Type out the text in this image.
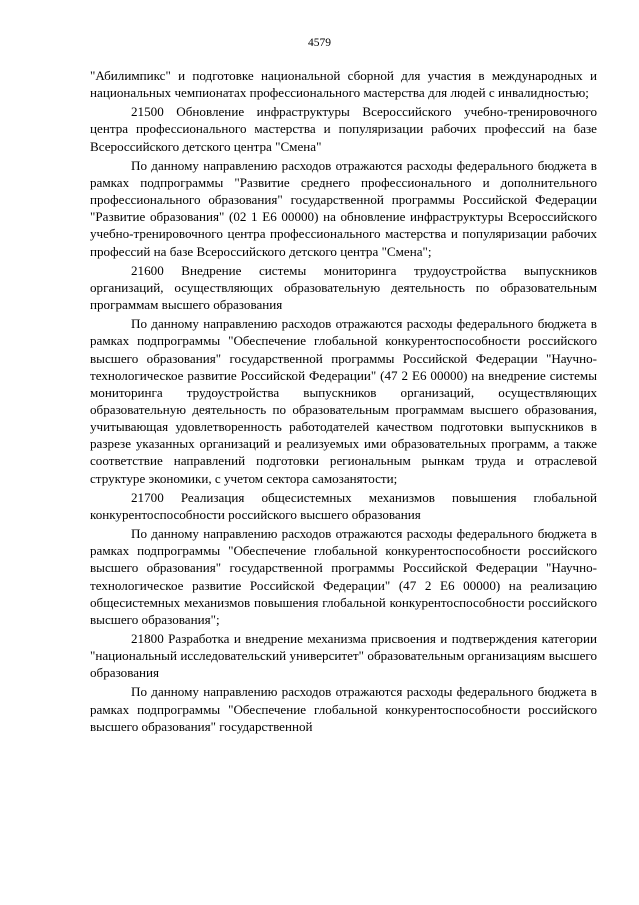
4579

"Абилимпикс" и подготовке национальной сборной для участия в международных и национальных чемпионатах профессионального мастерства для людей с инвалидностью;

21500 Обновление инфраструктуры Всероссийского учебно-тренировочного центра профессионального мастерства и популяризации рабочих профессий на базе Всероссийского детского центра "Смена"

По данному направлению расходов отражаются расходы федерального бюджета в рамках подпрограммы "Развитие среднего профессионального и дополнительного профессионального образования" государственной программы Российской Федерации "Развитие образования" (02 1 Е6 00000) на обновление инфраструктуры Всероссийского учебно-тренировочного центра профессионального мастерства и популяризации рабочих профессий на базе Всероссийского детского центра "Смена";

21600 Внедрение системы мониторинга трудоустройства выпускников организаций, осуществляющих образовательную деятельность по образовательным программам высшего образования

По данному направлению расходов отражаются расходы федерального бюджета в рамках подпрограммы "Обеспечение глобальной конкурентоспособности российского высшего образования" государственной программы Российской Федерации "Научно-технологическое развитие Российской Федерации" (47 2 Е6 00000) на внедрение системы мониторинга трудоустройства выпускников организаций, осуществляющих образовательную деятельность по образовательным программам высшего образования, учитывающая удовлетворенность работодателей качеством подготовки выпускников в разрезе указанных организаций и реализуемых ими образовательных программ, а также соответствие направлений подготовки региональным рынкам труда и отраслевой структуре экономики, с учетом сектора самозанятости;

21700 Реализация общесистемных механизмов повышения глобальной конкурентоспособности российского высшего образования

По данному направлению расходов отражаются расходы федерального бюджета в рамках подпрограммы "Обеспечение глобальной конкурентоспособности российского высшего образования" государственной программы Российской Федерации "Научно-технологическое развитие Российской Федерации" (47 2 Е6 00000) на реализацию общесистемных механизмов повышения глобальной конкурентоспособности российского высшего образования";

21800 Разработка и внедрение механизма присвоения и подтверждения категории "национальный исследовательский университет" образовательным организациям высшего образования

По данному направлению расходов отражаются расходы федерального бюджета в рамках подпрограммы "Обеспечение глобальной конкурентоспособности российского высшего образования" государственной
